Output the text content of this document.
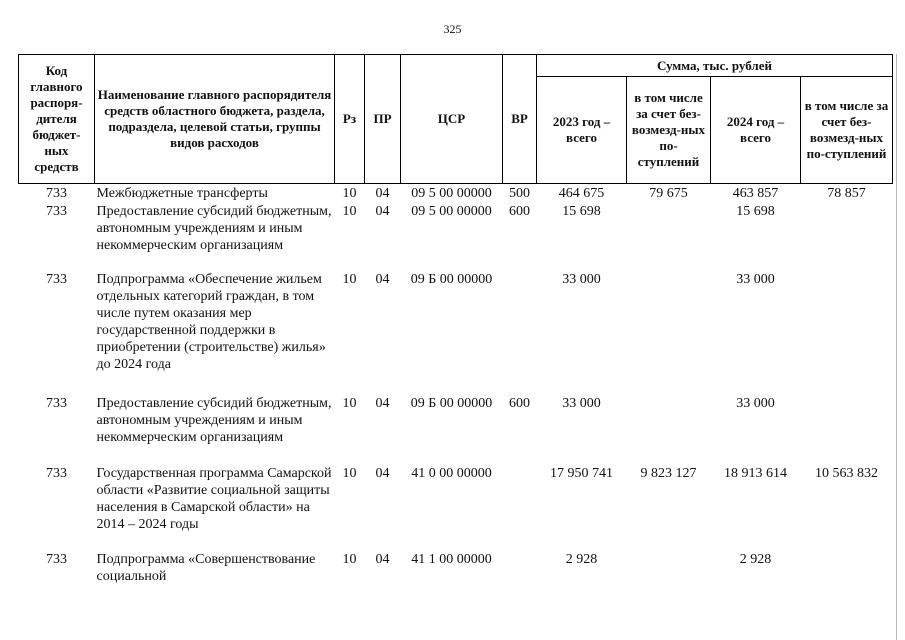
325
Код главного распоря-дителя бюджет-ных средств	Наименование главного распорядителя средств областного бюджета, раздела, подраздела, целевой статьи, группы видов расходов	Рз	ПР	ЦСР	ВР	Сумма, тыс. рублей			
						2023 год – всего	в том числе за счет без-возмезд-ных по-ступлений	2024 год – всего	в том числе за счет без-возмезд-ных по-ступлений
733	Межбюджетные трансферты	10	04	09 5 00 00000	500	464 675	79 675	463 857	78 857
733	Предоставление субсидий бюджетным, автономным учреждениям и иным некоммерческим организациям	10	04	09 5 00 00000	600	15 698		15 698	
733	Подпрограмма «Обеспечение жильем отдельных категорий граждан, в том числе путем оказания мер государственной поддержки в приобретении (строительстве) жилья» до 2024 года	10	04	09 Б 00 00000		33 000		33 000	
733	Предоставление субсидий бюджетным, автономным учреждениям и иным некоммерческим организациям	10	04	09 Б 00 00000	600	33 000		33 000	
733	Государственная программа Самарской области «Развитие социальной защиты населения в Самарской области» на 2014 – 2024 годы	10	04	41 0 00 00000		17 950 741	9 823 127	18 913 614	10 563 832
733	Подпрограмма «Совершенствование социальной	10	04	41 1 00 00000		2 928		2 928	
